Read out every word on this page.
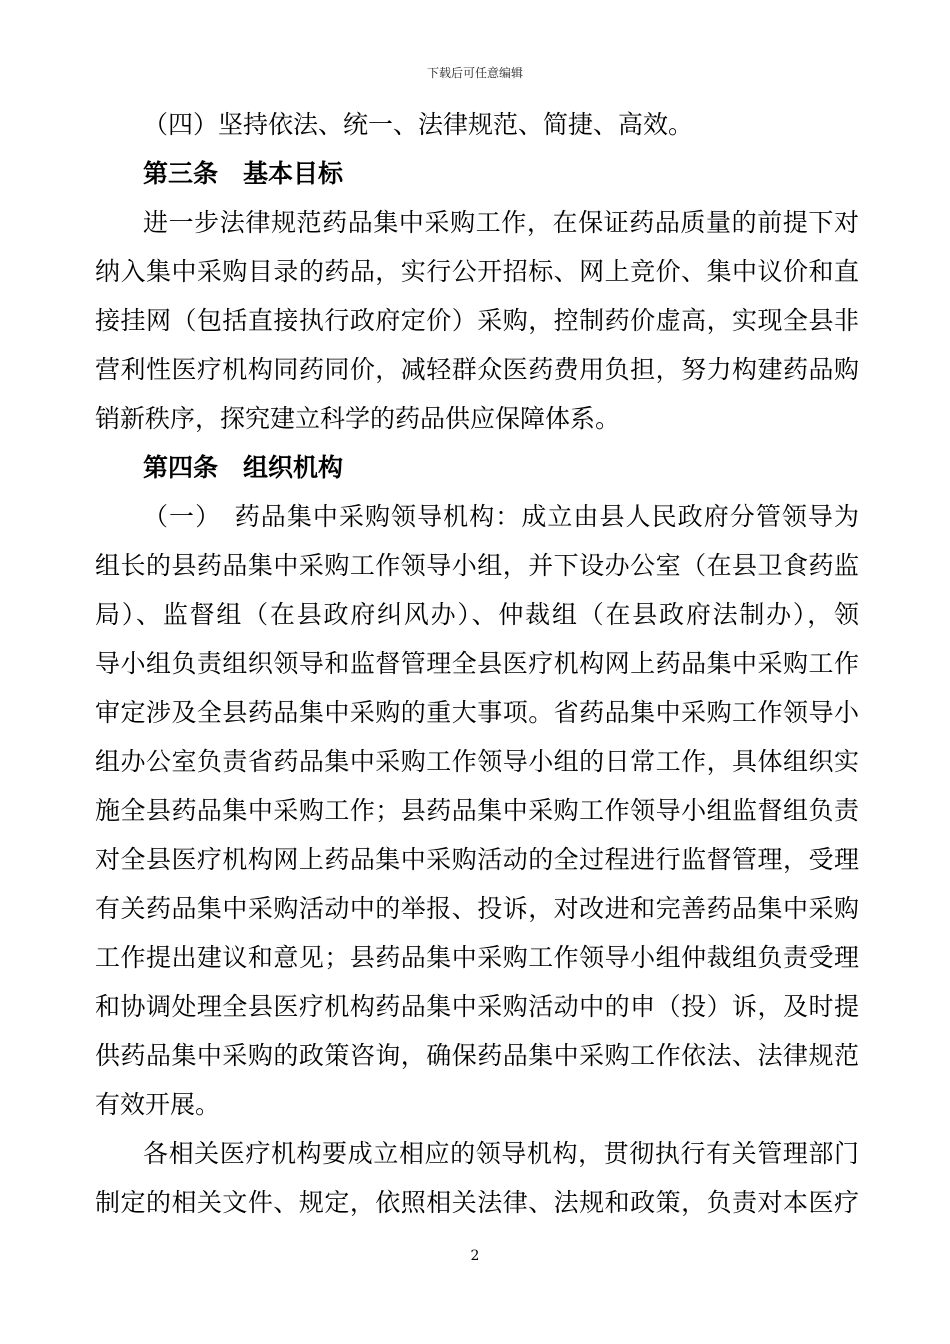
下载后可任意编辑
（四）坚持依法、统一、法律规范、简捷、高效。
第三条　基本目标
进一步法律规范药品集中采购工作，在保证药品质量的前提下对
纳入集中采购目录的药品，实行公开招标、网上竞价、集中议价和直
接挂网（包括直接执行政府定价）采购，控制药价虚高，实现全县非
营利性医疗机构同药同价，减轻群众医药费用负担，努力构建药品购
销新秩序，探究建立科学的药品供应保障体系。
第四条　组织机构
（一）　药品集中采购领导机构：成立由县人民政府分管领导为
组长的县药品集中采购工作领导小组，并下设办公室（在县卫食药监
局）、监督组（在县政府纠风办）、仲裁组（在县政府法制办），领
导小组负责组织领导和监督管理全县医疗机构网上药品集中采购工作
审定涉及全县药品集中采购的重大事项。省药品集中采购工作领导小
组办公室负责省药品集中采购工作领导小组的日常工作，具体组织实
施全县药品集中采购工作；县药品集中采购工作领导小组监督组负责
对全县医疗机构网上药品集中采购活动的全过程进行监督管理，受理
有关药品集中采购活动中的举报、投诉，对改进和完善药品集中采购
工作提出建议和意见；县药品集中采购工作领导小组仲裁组负责受理
和协调处理全县医疗机构药品集中采购活动中的申（投）诉，及时提
供药品集中采购的政策咨询，确保药品集中采购工作依法、法律规范
有效开展。
各相关医疗机构要成立相应的领导机构，贯彻执行有关管理部门
制定的相关文件、规定，依照相关法律、法规和政策，负责对本医疗
2
